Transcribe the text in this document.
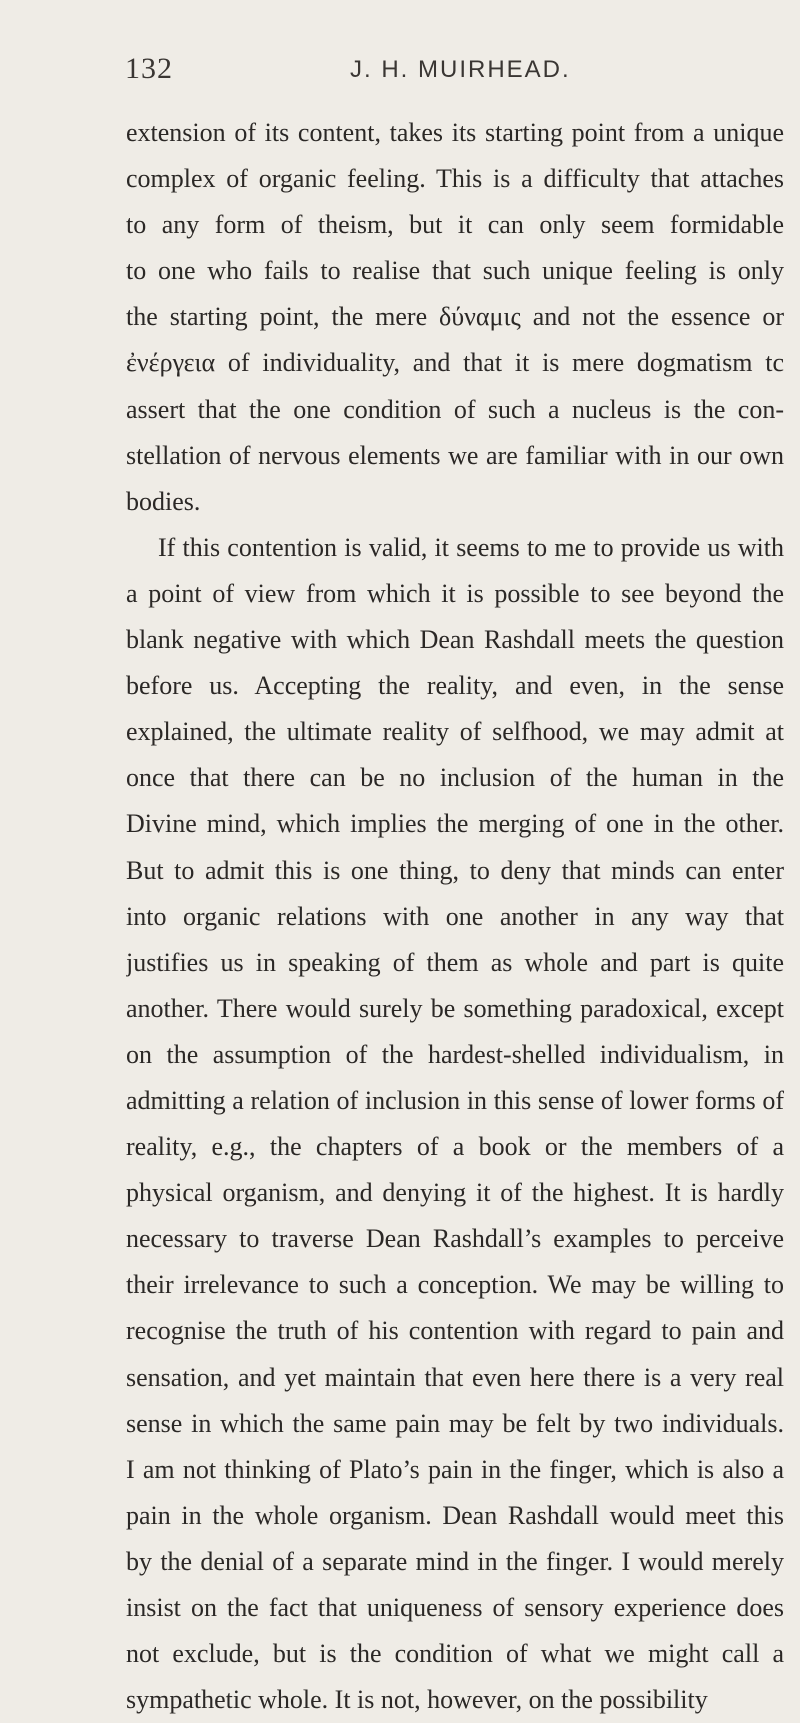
132	J. H. MUIRHEAD.
extension of its content, takes its starting point from a unique
complex of organic feeling. This is a difficulty that attaches
to any form of theism, but it can only seem formidable
to one who fails to realise that such unique feeling is only
the starting point, the mere δύναμις and not the essence or
ἐνέργεια of individuality, and that it is mere dogmatism tc
assert that the one condition of such a nucleus is the con-
stellation of nervous elements we are familiar with in our own
bodies.
If this contention is valid, it seems to me to provide us with
a point of view from which it is possible to see beyond the
blank negative with which Dean Rashdall meets the question
before us. Accepting the reality, and even, in the sense
explained, the ultimate reality of selfhood, we may admit at
once that there can be no inclusion of the human in the
Divine mind, which implies the merging of one in the other.
But to admit this is one thing, to deny that minds can enter
into organic relations with one another in any way that
justifies us in speaking of them as whole and part is quite
another. There would surely be something paradoxical, except
on the assumption of the hardest-shelled individualism, in
admitting a relation of inclusion in this sense of lower forms of
reality, e.g., the chapters of a book or the members of a
physical organism, and denying it of the highest. It is hardly
necessary to traverse Dean Rashdall’s examples to perceive
their irrelevance to such a conception. We may be willing to
recognise the truth of his contention with regard to pain and
sensation, and yet maintain that even here there is a very real
sense in which the same pain may be felt by two individuals.
I am not thinking of Plato’s pain in the finger, which is also a
pain in the whole organism. Dean Rashdall would meet this
by the denial of a separate mind in the finger. I would merely
insist on the fact that uniqueness of sensory experience does
not exclude, but is the condition of what we might call a
sympathetic whole. It is not, however, on the possibility
